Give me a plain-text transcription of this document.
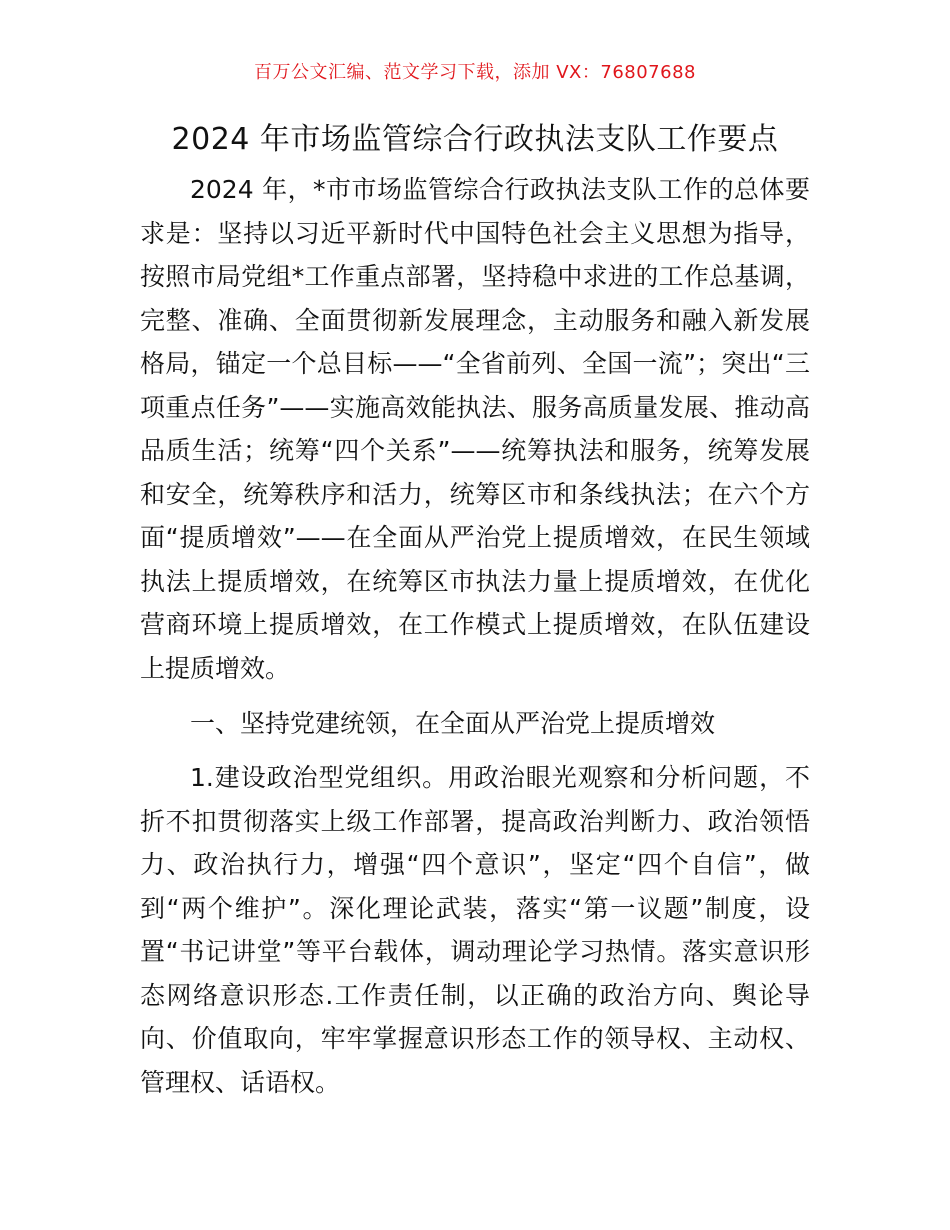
百万公文汇编、范文学习下载，添加 VX：76807688
2024 年市场监管综合行政执法支队工作要点

2024 年，*市市场监管综合行政执法支队工作的总体要求是：坚持以习近平新时代中国特色社会主义思想为指导，按照市局党组*工作重点部署，坚持稳中求进的工作总基调，完整、准确、全面贯彻新发展理念，主动服务和融入新发展格局，锚定一个总目标——“全省前列、全国一流”；突出“三项重点任务”——实施高效能执法、服务高质量发展、推动高品质生活；统筹“四个关系”——统筹执法和服务，统筹发展和安全，统筹秩序和活力，统筹区市和条线执法；在六个方面“提质增效”——在全面从严治党上提质增效，在民生领域执法上提质增效，在统筹区市执法力量上提质增效，在优化营商环境上提质增效，在工作模式上提质增效，在队伍建设上提质增效。

一、坚持党建统领，在全面从严治党上提质增效

1.建设政治型党组织。用政治眼光观察和分析问题，不折不扣贯彻落实上级工作部署，提高政治判断力、政治领悟力、政治执行力，增强“四个意识”，坚定“四个自信”，做到“两个维护”。深化理论武装，落实“第一议题”制度，设置“书记讲堂”等平台载体，调动理论学习热情。落实意识形态网络意识形态.工作责任制，以正确的政治方向、舆论导向、价值取向，牢牢掌握意识形态工作的领导权、主动权、管理权、话语权。
